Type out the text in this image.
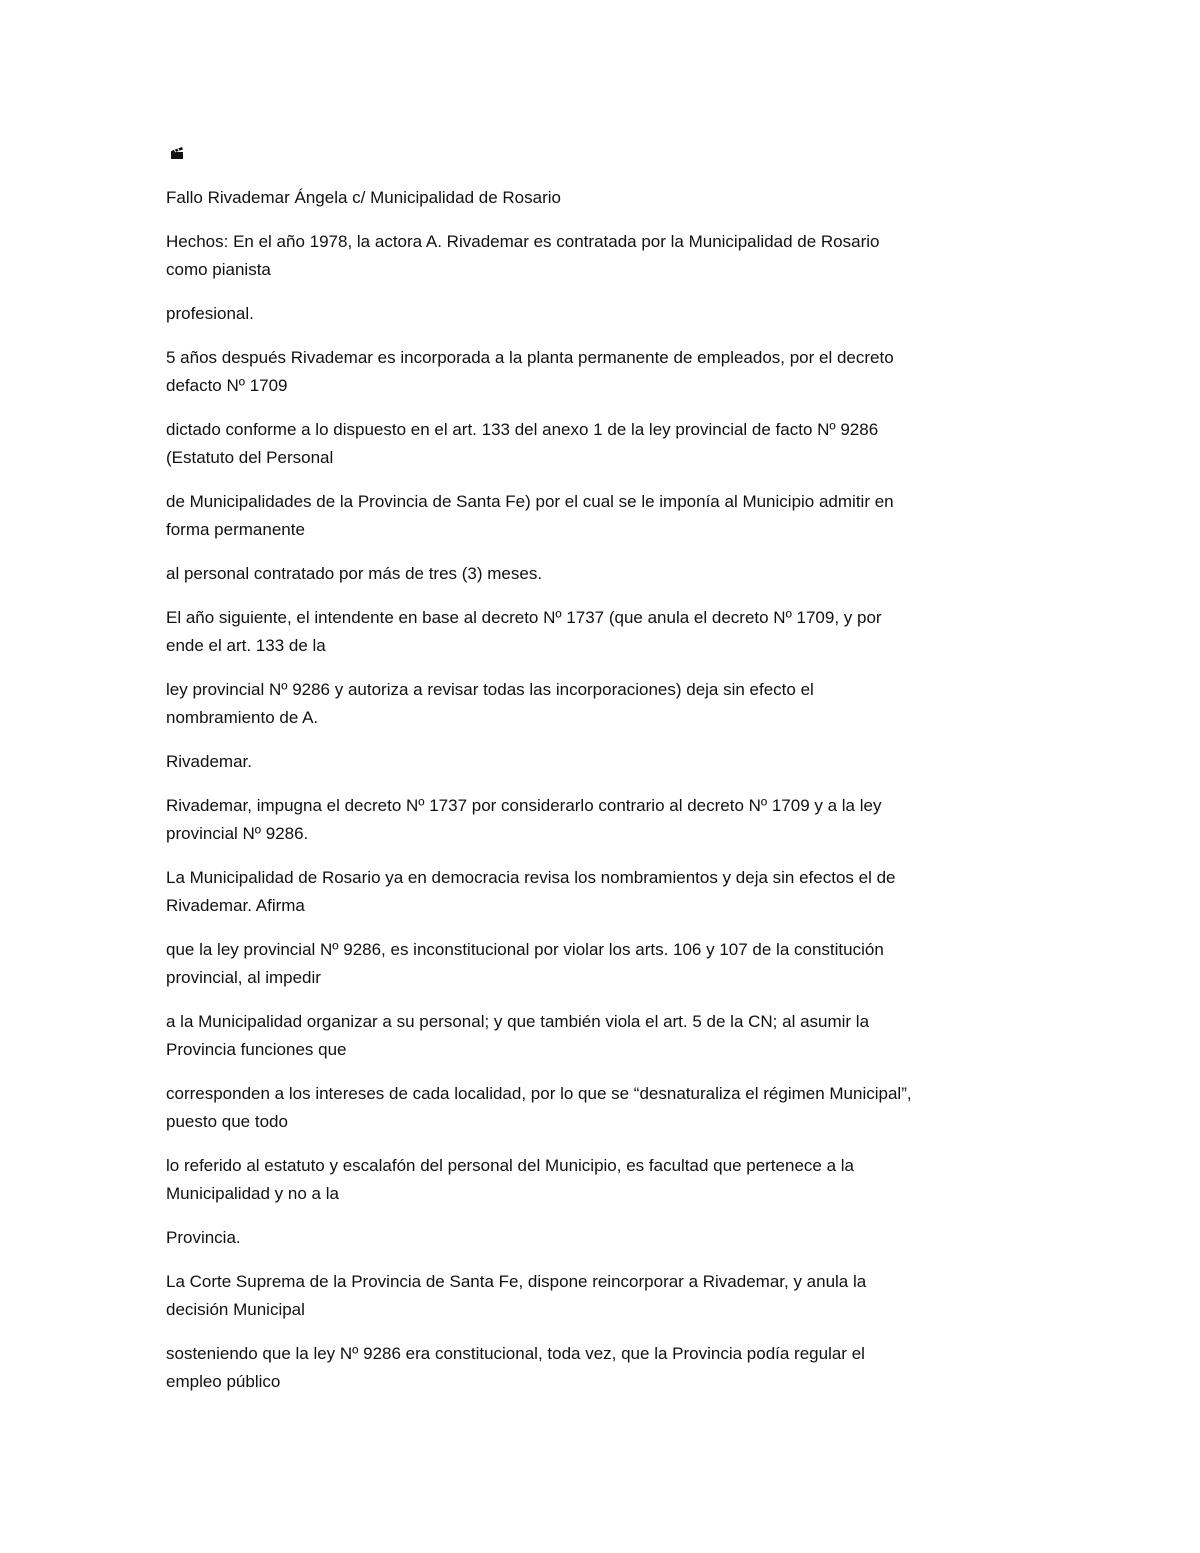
Fallo Rivademar Ángela c/ Municipalidad de Rosario

Hechos: En el año 1978, la actora A. Rivademar es contratada por la Municipalidad de Rosario
como pianista

profesional.

5 años después Rivademar es incorporada a la planta permanente de empleados, por el decreto
defacto Nº 1709

dictado conforme a lo dispuesto en el art. 133 del anexo 1 de la ley provincial de facto Nº 9286
(Estatuto del Personal

de Municipalidades de la Provincia de Santa Fe) por el cual se le imponía al Municipio admitir en
forma permanente

al personal contratado por más de tres (3) meses.

El año siguiente, el intendente en base al decreto Nº 1737 (que anula el decreto Nº 1709, y por
ende el art. 133 de la

ley provincial Nº 9286 y autoriza a revisar todas las incorporaciones) deja sin efecto el
nombramiento de A.

Rivademar.

Rivademar, impugna el decreto Nº 1737 por considerarlo contrario al decreto Nº 1709 y a la ley
provincial Nº 9286.

La Municipalidad de Rosario ya en democracia revisa los nombramientos y deja sin efectos el de
Rivademar. Afirma

que la ley provincial Nº 9286, es inconstitucional por violar los arts. 106 y 107 de la constitución
provincial, al impedir

a la Municipalidad organizar a su personal; y que también viola el art. 5 de la CN; al asumir la
Provincia funciones que

corresponden a los intereses de cada localidad, por lo que se “desnaturaliza el régimen Municipal”,
puesto que todo

lo referido al estatuto y escalafón del personal del Municipio, es facultad que pertenece a la
Municipalidad y no a la

Provincia.

La Corte Suprema de la Provincia de Santa Fe, dispone reincorporar a Rivademar, y anula la
decisión Municipal

sosteniendo que la ley Nº 9286 era constitucional, toda vez, que la Provincia podía regular el
empleo público
